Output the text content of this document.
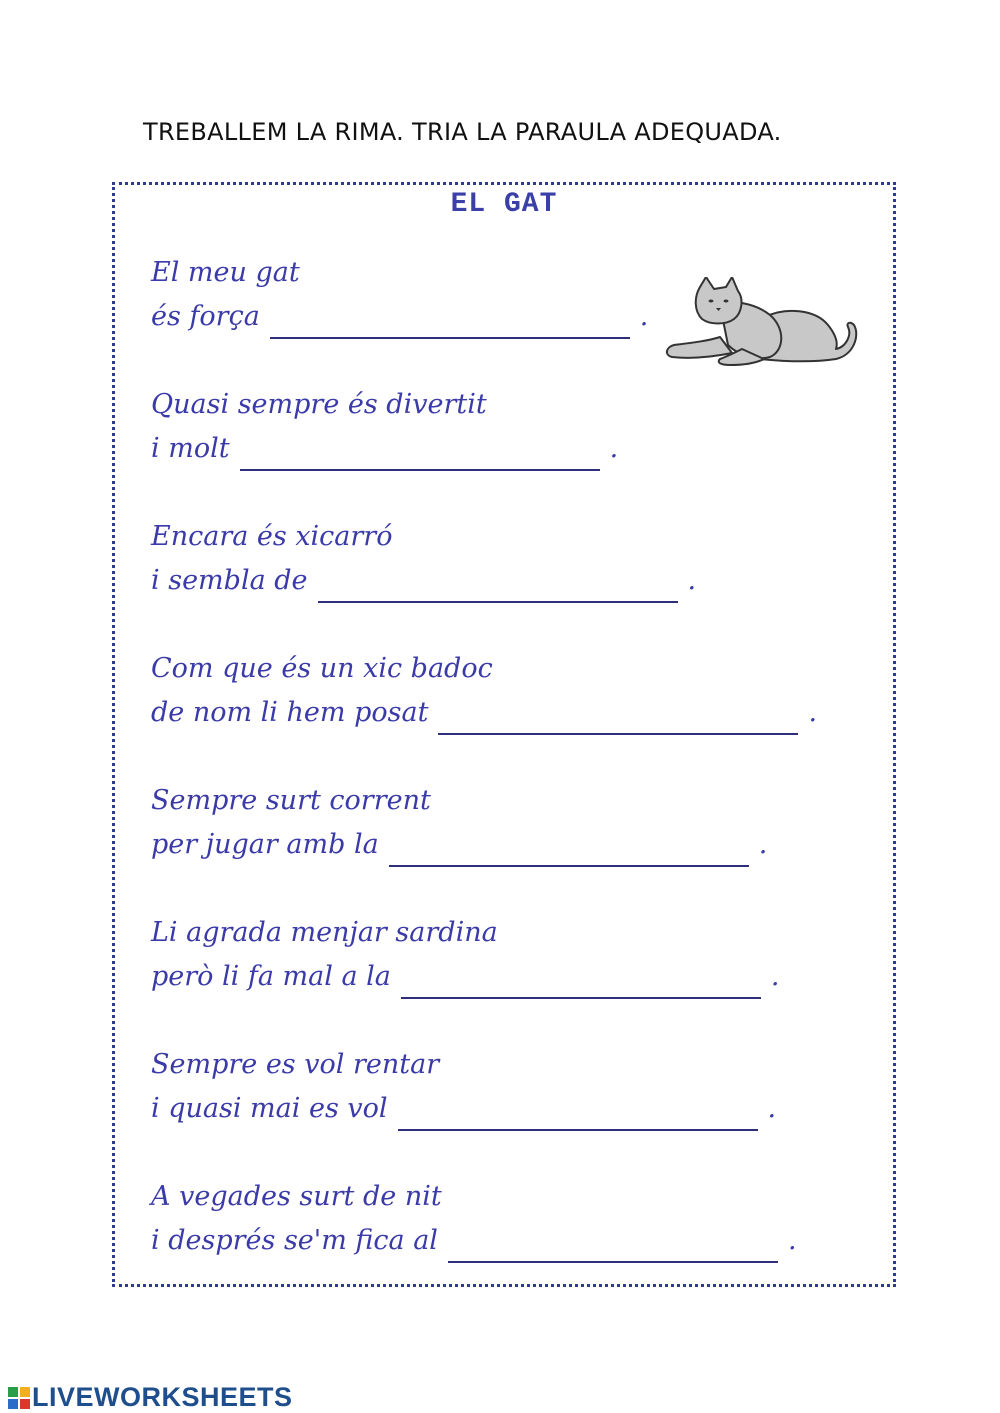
TREBALLEM LA RIMA. TRIA LA PARAULA ADEQUADA.
EL GAT
El meu gat
és força	.
Quasi sempre és divertit
i molt	.
Encara és xicarró
i sembla de	.
Com que és un xic badoc
de nom li hem posat	.
Sempre surt corrent
per jugar amb la	.
Li agrada menjar sardina
però li fa mal a la	.
Sempre es vol rentar
i quasi mai es vol	.
A vegades surt de nit
i després se'm fica al	.
LIVEWORKSHEETS
